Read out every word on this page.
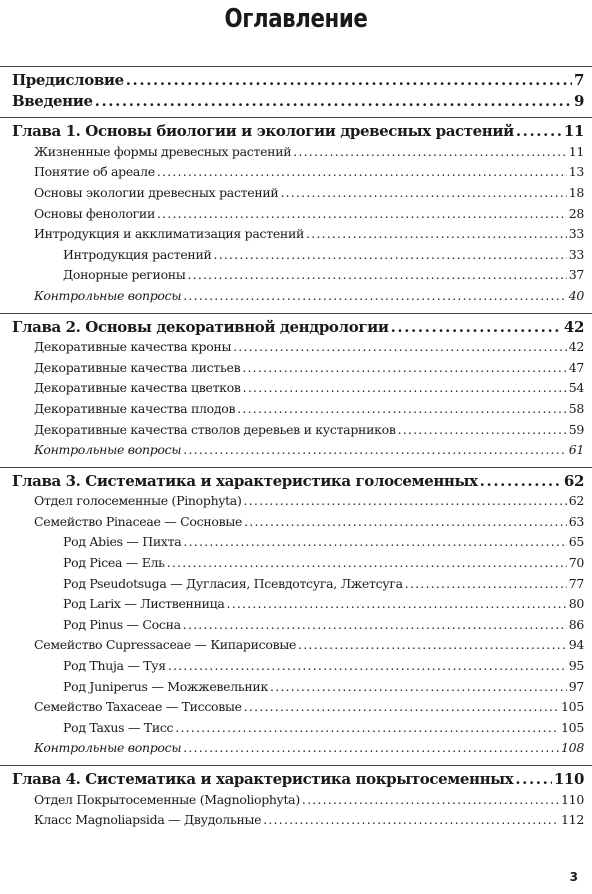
Оглавление
Предисловие .....	7
Введение .....	9
Глава 1. Основы биологии и экологии древесных растений .....	11
Жизненные формы древесных растений .....	11
Понятие об ареале .....	13
Основы экологии древесных растений .....	18
Основы фенологии .....	28
Интродукция и акклиматизация растений .....	33
Интродукция растений .....	33
Донорные регионы .....	37
Контрольные вопросы .....	40
Глава 2. Основы декоративной дендрологии .....	42
Декоративные качества кроны .....	42
Декоративные качества листьев .....	47
Декоративные качества цветков .....	54
Декоративные качества плодов .....	58
Декоративные качества стволов деревьев и кустарников .....	59
Контрольные вопросы .....	61
Глава 3. Систематика и характеристика голосеменных .....	62
Отдел голосеменные (Pinophyta) .....	62
Семейство Pinaceae — Сосновые .....	63
Род Abies — Пихта .....	65
Род Picea — Ель .....	70
Род Pseudotsuga — Дугласия, Псевдотсуга, Лжетсуга .....	77
Род Larix — Лиственница .....	80
Род Pinus — Сосна .....	86
Семейство Cupressaceae — Кипарисовые .....	94
Род Thuja — Туя .....	95
Род Juniperus — Можжевельник .....	97
Семейство Taxaceae — Тиссовые .....	105
Род Taxus — Тисс .....	105
Контрольные вопросы .....	108
Глава 4. Систематика и характеристика покрытосеменных .....	110
Отдел Покрытосеменные (Magnoliophyta) .....	110
Класс Magnoliapsida — Двудольные .....	112
3
